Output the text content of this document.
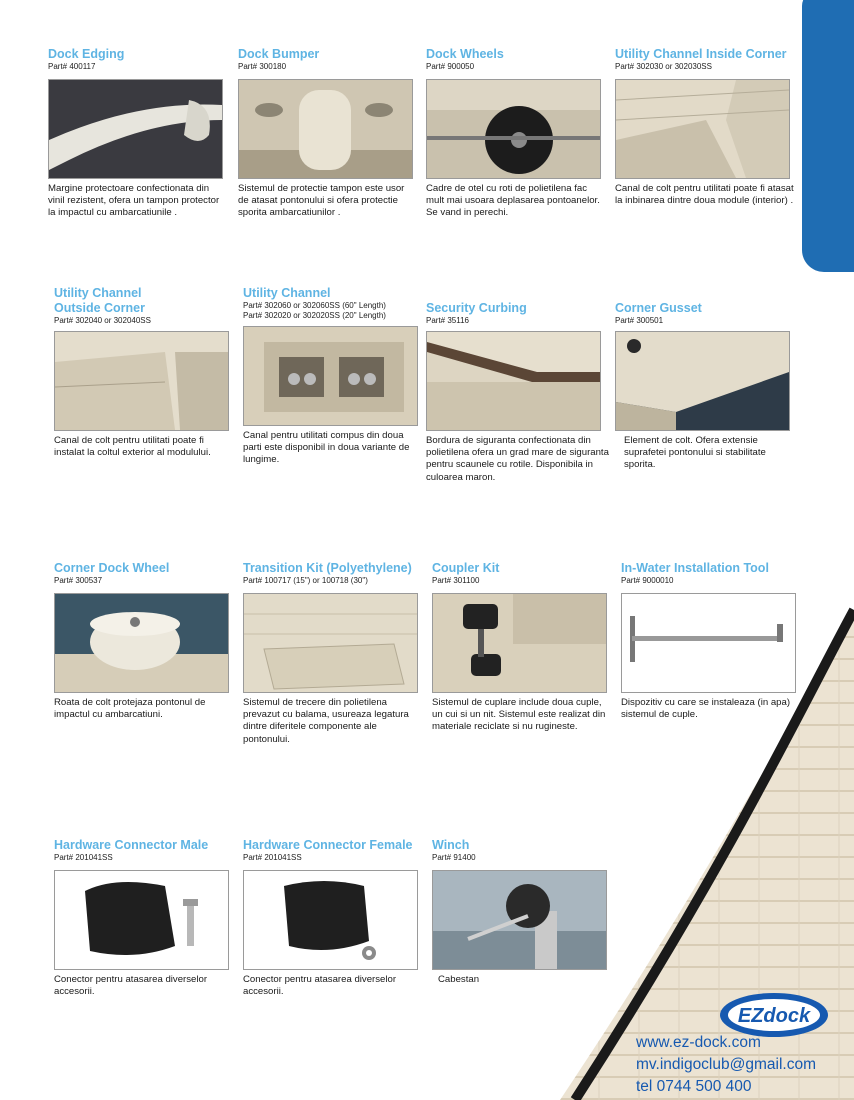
Dock Edging
Part# 400117
Margine protectoare confectionata din vinil rezistent, ofera un tampon protector la impactul cu ambarcatiunile .
Dock Bumper
Part# 300180
Sistemul de protectie tampon este usor de atasat pontonului si ofera protectie sporita ambarcatiunilor .
Dock Wheels
Part# 900050
Cadre de otel cu roti de polietilena fac mult mai usoara deplasarea pontoanelor. Se vand in perechi.
Utility Channel Inside Corner
Part# 302030 or 302030SS
Canal de colt pentru utilitati poate fi atasat la inbinarea dintre doua module (interior) .
Utility Channel
Outside Corner
Part# 302040 or 302040SS
Canal de colt pentru utilitati poate fi instalat la coltul exterior al modulului.
Utility Channel
Part# 302060 or 302060SS (60" Length)
Part# 302020 or 302020SS (20" Length)
Canal pentru utilitati compus din doua parti este disponibil in doua variante de lungime.
Security Curbing
Part# 35116
Bordura de siguranta confectionata din polietilena ofera un grad mare de siguranta pentru scaunele cu rotile. Disponibila in culoarea maron.
Corner Gusset
Part# 300501
Element de colt. Ofera extensie suprafetei pontonului si stabilitate sporita.
Corner Dock Wheel
Part# 300537
Roata de colt protejaza pontonul de impactul cu ambarcatiuni.
Transition Kit (Polyethylene)
Part# 100717 (15") or 100718 (30")
Sistemul de trecere din polietilena prevazut cu balama, usureaza legatura dintre diferitele componente ale pontonului.
Coupler Kit
Part# 301100
Sistemul de cuplare include doua cuple, un cui si un nit. Sistemul este realizat din materiale reciclate si nu rugineste.
In-Water Installation Tool
Part# 9000010
Dispozitiv cu care se instaleaza (in apa) sistemul de cuple.
Hardware Connector Male
Part# 201041SS
Conector pentru atasarea diverselor accesorii.
Hardware Connector Female
Part# 201041SS
Conector pentru atasarea diverselor accesorii.
Winch
Part# 91400
Cabestan
EZdock
www.ez-dock.com
mv.indigoclub@gmail.com
tel 0744 500 400
